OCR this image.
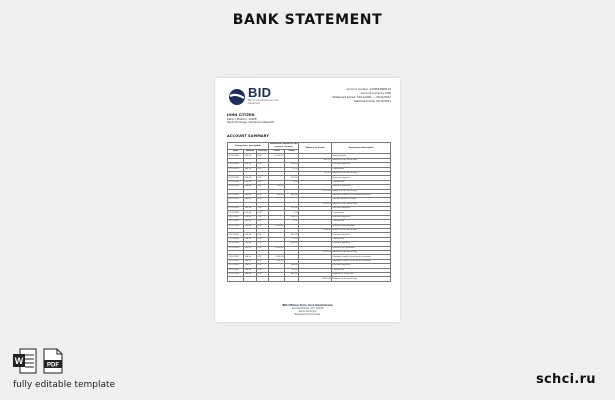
BANK STATEMENT
BID
Banco Interamericano de Desarrollo
Account number: 1234567890123
Account Currency: DOP
Statement period: 01/11/2021 — 30/11/2021
Statement date: 01/12/2021
JOHN CITIZEN
Calle 3 Mirador, 10108
Santo Domingo, Dominican Republic
ACCOUNT SUMMARY
Transaction, description			Transaction amount in the account currency		Balance at th end	Transaction description
Date	Amount	Currency	Credit	Debit		
01/11/2021	343.00	DOP	17,000.00			Salary deposit
					825.00	Balance at the end of day
01/11/2021	343.00	DOP		285.00		Purchase payment
01/11/2021	343.00	DOP		12.00		Commission
					913.00	Balance at the end of day
02/11/2021	220.00	DOP		100.00		Purchase payment
02/11/2021	220.00	DOP		8.00		Commission
03/11/2021	183.00	DOP	100.00			Refund of purchase
					1,021.00	Balance at the end of day
04/11/2021	243.00	DOP	400.00	440.00		Interbank transfer from another account
04/11/2021	243.00	DOP				Internal transfer of funds
					1,214.00	Balance at the end of day
07/11/2021	150.00	DOP		235.00		Purchase payment
07/11/2021	150.00	DOP		5.00		Commission
08/11/2021	129.00	DOP		185.00		Purchase payment
09/11/2021	129.00	DOP		5.00		Commission
10/11/2021	120.00	DOP	2,400.00			Refund of the purchase
					2,504.00	Balance at the end of day
11/11/2021	114.00	DOP		245.00		Purchase payment
11/11/2021	114.00	DOP		5.00		Commission
12/11/2021	110.00	DOP		285.00		Purchase payment
13/11/2021	110.00	DOP	3,000.00			Refund of the purchase
					1,925.00	Balance at the end of day
15/11/2021	104.00	DOP	1,200.00			Interbank transfer from another account
16/11/2021	104.00	DOP	400.00			Interbank transfer from another account
20/11/2021	104.00	DOP		560.00		Purchase payment
20/11/2021	104.00	DOP		12.00		Commission
22/11/2021	104.00	DOP		640.00		Payment of utility bills
					2,313.00	Balance at the end of day
BID Oficina Torre Acra Dominicana
Avenida Bolivar 227, 10108
Santo Domingo
Republica Dominicana
W	PDF
fully editable template	schci.ru
